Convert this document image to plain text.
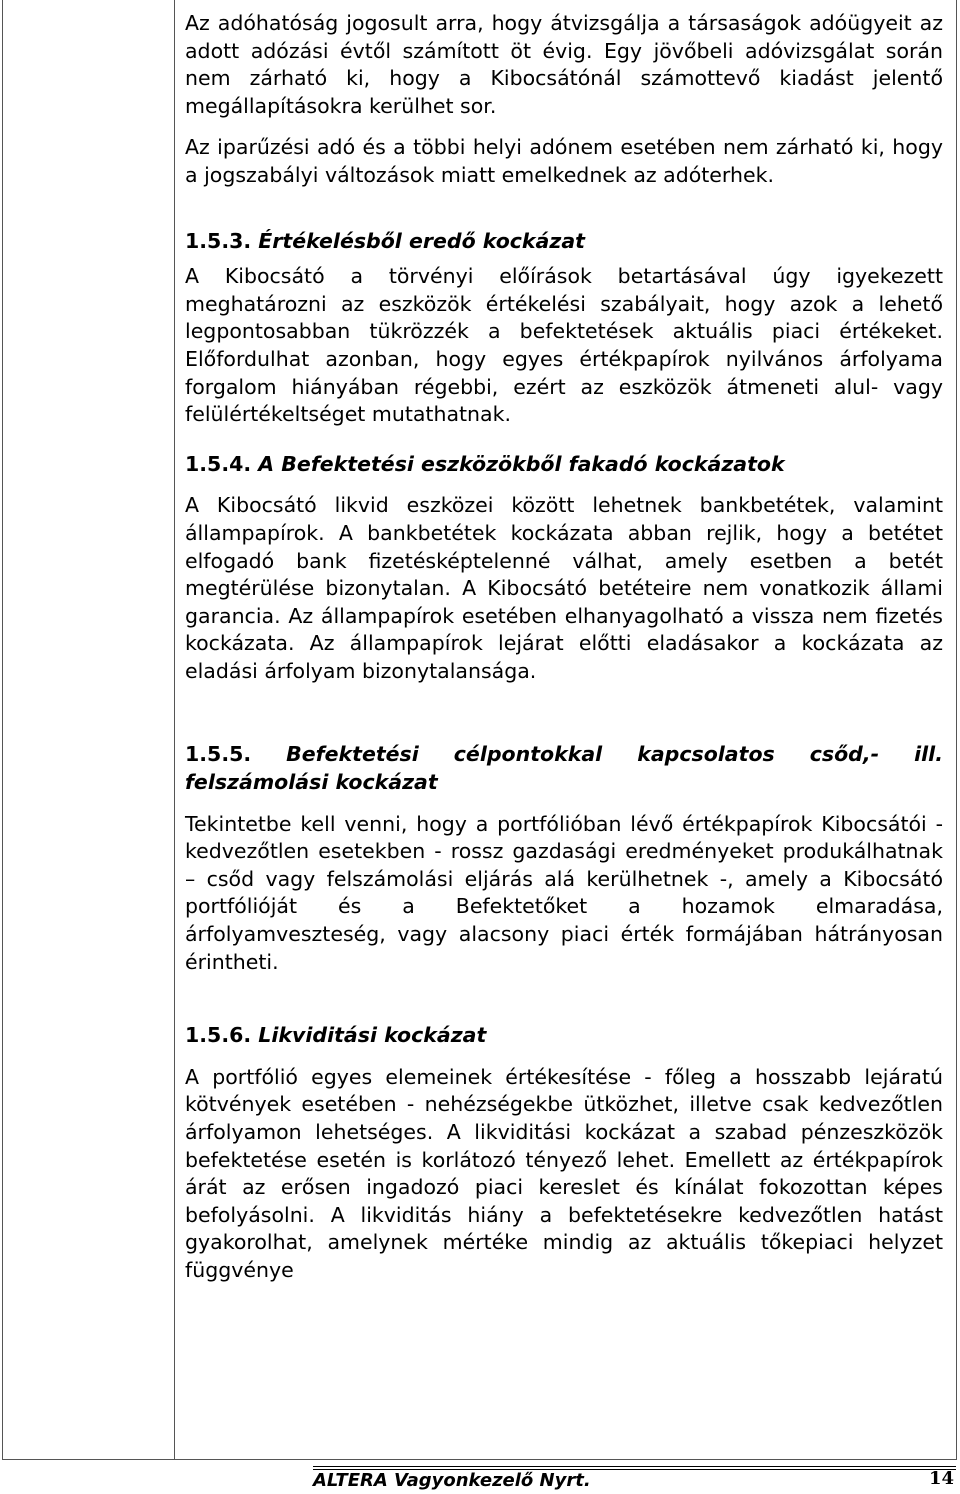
Az adóhatóság jogosult arra, hogy átvizsgálja a társaságok adóügyeit az adott adózási évtől számított öt évig. Egy jövőbeli adóvizsgálat során nem zárható ki, hogy a Kibocsátónál számottevő kiadást jelentő megállapításokra kerülhet sor.

Az iparűzési adó és a többi helyi adónem esetében nem zárható ki, hogy a jogszabályi változások miatt emelkednek az adóterhek.

1.5.3. Értékelésből eredő kockázat

A Kibocsátó a törvényi előírások betartásával úgy igyekezett meghatározni az eszközök értékelési szabályait, hogy azok a lehető legpontosabban tükrözzék a befektetések aktuális piaci értékeket. Előfordulhat azonban, hogy egyes értékpapírok nyilvános árfolyama forgalom hiányában régebbi, ezért az eszközök átmeneti alul- vagy felülértékeltséget mutathatnak.

1.5.4. A Befektetési eszközökből fakadó kockázatok

A Kibocsátó likvid eszközei között lehetnek bankbetétek, valamint állampapírok. A bankbetétek kockázata abban rejlik, hogy a betétet elfogadó bank fizetésképtelenné válhat, amely esetben a betét megtérülése bizonytalan. A Kibocsátó betéteire nem vonatkozik állami garancia. Az állampapírok esetében elhanyagolható a vissza nem fizetés kockázata. Az állampapírok lejárat előtti eladásakor a kockázata az eladási árfolyam bizonytalansága.

1.5.5. Befektetési célpontokkal kapcsolatos csőd,- ill. felszámolási kockázat

Tekintetbe kell venni, hogy a portfólióban lévő értékpapírok Kibocsátói - kedvezőtlen esetekben - rossz gazdasági eredményeket produkálhatnak – csőd vagy felszámolási eljárás alá kerülhetnek -, amely a Kibocsátó portfólióját és a Befektetőket a hozamok elmaradása, árfolyamveszteség, vagy alacsony piaci érték formájában hátrányosan érintheti.

1.5.6. Likviditási kockázat

A portfólió egyes elemeinek értékesítése - főleg a hosszabb lejáratú kötvények esetében - nehézségekbe ütközhet, illetve csak kedvezőtlen árfolyamon lehetséges. A likviditási kockázat a szabad pénzeszközök befektetése esetén is korlátozó tényező lehet. Emellett az értékpapírok árát az erősen ingadozó piaci kereslet és kínálat fokozottan képes befolyásolni. A likviditás hiány a befektetésekre kedvezőtlen hatást gyakorolhat, amelynek mértéke mindig az aktuális tőkepiaci helyzet függvénye

ALTERA Vagyonkezelő Nyrt.	14
